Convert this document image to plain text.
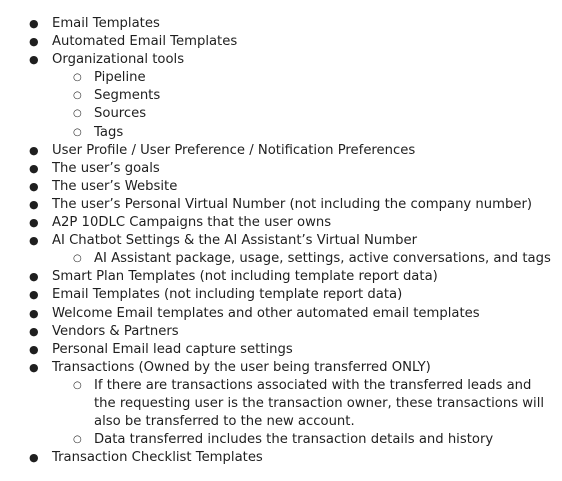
● Email Templates
● Automated Email Templates
● Organizational tools
○ Pipeline
○ Segments
○ Sources
○ Tags
● User Profile / User Preference / Notification Preferences
● The user’s goals
● The user’s Website
● The user’s Personal Virtual Number (not including the company number)
● A2P 10DLC Campaigns that the user owns
● AI Chatbot Settings & the AI Assistant’s Virtual Number
○ AI Assistant package, usage, settings, active conversations, and tags
● Smart Plan Templates (not including template report data)
● Email Templates (not including template report data)
● Welcome Email templates and other automated email templates
● Vendors & Partners
● Personal Email lead capture settings
● Transactions (Owned by the user being transferred ONLY)
○ If there are transactions associated with the transferred leads and the requesting user is the transaction owner, these transactions will also be transferred to the new account.
○ Data transferred includes the transaction details and history
● Transaction Checklist Templates
